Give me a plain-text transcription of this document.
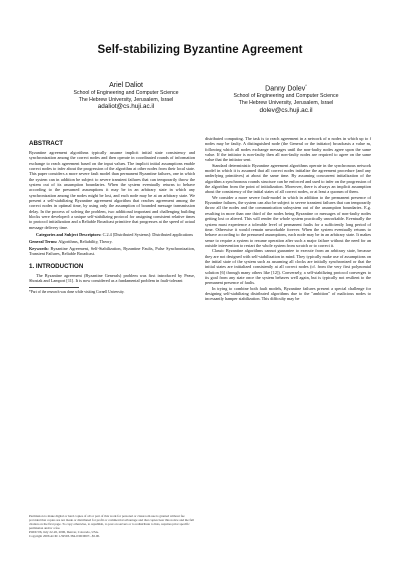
Self-stabilizing Byzantine Agreement
Ariel Daliot
School of Engineering and Computer Science
The Hebrew University, Jerusalem, Israel
adaliot@cs.huji.ac.il
Danny Dolev*
School of Engineering and Computer Science
The Hebrew University, Jerusalem, Israel
dolev@cs.huji.ac.il
ABSTRACT

Byzantine agreement algorithms typically assume implicit initial state consistency and synchronization among the correct nodes and then operate in coordinated rounds of information exchange to reach agreement based on the input values. The implicit initial assumptions enable correct nodes to infer about the progression of the algorithm at other nodes from their local state. This paper considers a more severe fault model than permanent Byzantine failures, one in which the system can in addition be subject to severe transient failures that can temporarily throw the system out of its assumption boundaries. When the system eventually returns to behave according to the presumed assumptions it may be in an arbitrary state in which any synchronization among the nodes might be lost, and each node may be at an arbitrary state. We present a self-stabilizing Byzantine agreement algorithm that reaches agreement among the correct nodes in optimal time, by using only the assumption of bounded message transmission delay. In the process of solving the problem, two additional important and challenging building blocks were developed: a unique self-stabilizing protocol for assigning consistent relative times to protocol initialization and a Reliable Broadcast primitive that progresses at the speed of actual message delivery time.

Categories and Subject Descriptors: C.2.4 [Distributed Systems]: Distributed applications

General Terms: Algorithms, Reliability, Theory.

Keywords: Byzantine Agreement, Self-Stabilization, Byzantine Faults, Pulse Synchronization, Transient Failures, Reliable Broadcast.

1. INTRODUCTION

The Byzantine agreement (Byzantine Generals) problem was first introduced by Pease, Shostak and Lamport [11]. It is now considered as a fundamental problem in fault-tolerant

*Part of the research was done while visiting Cornell University.

Permission to make digital or hard copies of all or part of this work for personal or classroom use is granted without fee provided that copies are not made or distributed for profit or commercial advantage and that copies bear this notice and the full citation on the first page. To copy otherwise, to republish, to post on servers or to redistribute to lists, requires prior specific permission and/or a fee.

PODC'06, July 22-26, 2006, Denver, Colorado, USA.

Copyright 2006 ACM 1-59593-384-0/06/0007...$5.00.

distributed computing. The task is to reach agreement in a network of n nodes in which up to f nodes may be faulty. A distinguished node (the General or the initiator) broadcasts a value m, following which all nodes exchange messages until the non-faulty nodes agree upon the same value. If the initiator is non-faulty then all non-faulty nodes are required to agree on the same value that the initiator sent.

Standard deterministic Byzantine agreement algorithms operate in the synchronous network model in which it is assumed that all correct nodes initialize the agreement procedure (and any underlying primitives) at about the same time. By assuming concurrent initialization of the algorithm a synchronous rounds structure can be enforced and used to infer on the progression of the algorithm from the point of initialization. Moreover, there is always an implicit assumption about the consistency of the initial states of all correct nodes, or at least a quorum of them.

We consider a more severe fault-model in which in addition to the permanent presence of Byzantine failures, the system can also be subject to severe transient failures that can temporarily throw all the nodes and the communication subsystem out of the assumption boundaries. E.g. resulting in more than one third of the nodes being Byzantine or messages of non-faulty nodes getting lost or altered. This will render the whole system practically unworkable. Eventually the system must experience a tolerable level of permanent faults for a sufficiently long period of time. Otherwise it would remain unworkable forever. When the system eventually returns to behave according to the presumed assumptions, each node may be in an arbitrary state. It makes sense to require a system to resume operation after such a major failure without the need for an outside intervention to restart the whole system from scratch or to correct it.

Classic Byzantine algorithms cannot guarantee to execute from an arbitrary state, because they are not designed with self-stabilization in mind. They typically make use of assumptions on the initial state of the system such as assuming all clocks are initially synchronized or that the initial states are initialized consistently at all correct nodes (cf. from the very first polynomial solution [6] through many others like [12]). Conversely, a self-stabilizing protocol converges to its goal from any state once the system behaves well again, but is typically not resilient to the permanent presence of faults.

In trying to combine both fault models, Byzantine failures present a special challenge for designing self-stabilizing distributed algorithms due to the "ambition" of malicious nodes to incessantly hamper stabilization. This difficulty may be
